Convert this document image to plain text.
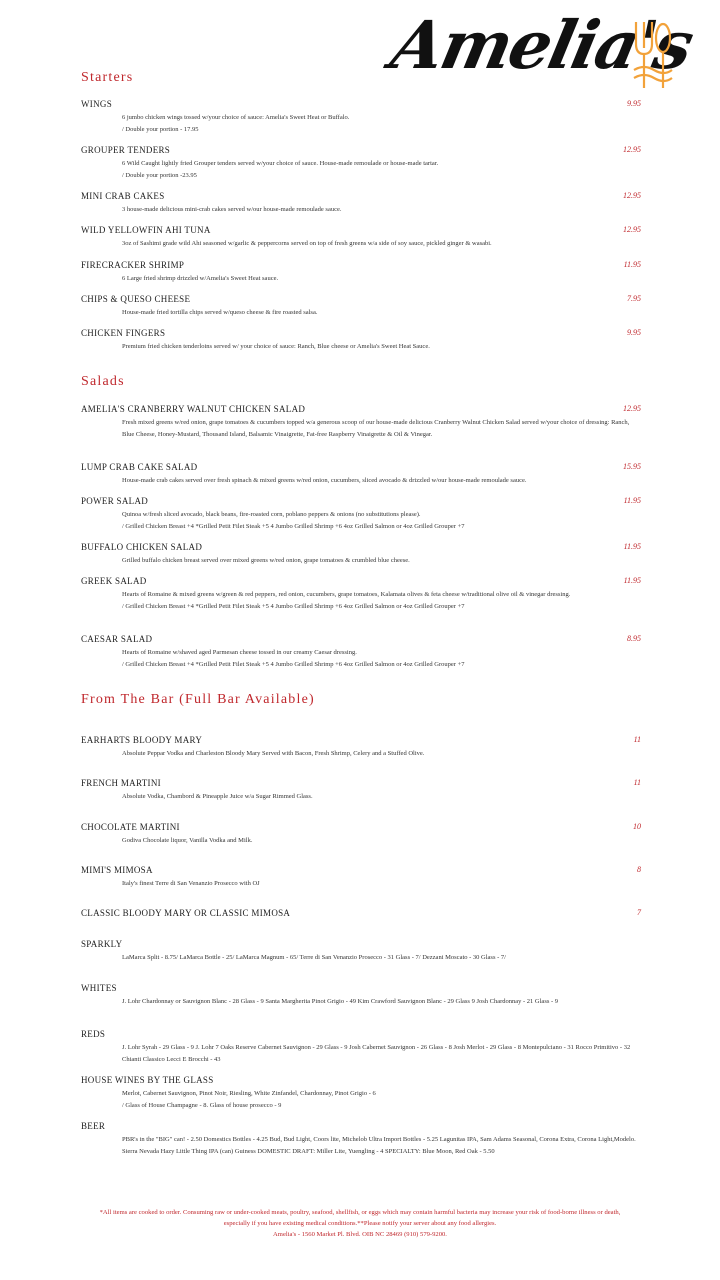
Amelia's
Starters
WINGS	9.95
6 jumbo chicken wings tossed w/your choice of sauce: Amelia's Sweet Heat or Buffalo.
/ Double your portion - 17.95
GROUPER TENDERS	12.95
6 Wild Caught lightly fried Grouper tenders served w/your choice of sauce. House-made remoulade or house-made tartar.
/ Double your portion -23.95
MINI CRAB CAKES	12.95
3 house-made delicious mini-crab cakes served w/our house-made remoulade sauce.
WILD YELLOWFIN AHI TUNA	12.95
3oz of Sashimi grade wild Ahi seasoned w/garlic & peppercorns served on top of fresh greens w/a side of soy sauce, pickled ginger & wasabi.
FIRECRACKER SHRIMP	11.95
6 Large fried shrimp drizzled w/Amelia's Sweet Heat sauce.
CHIPS & QUESO CHEESE	7.95
House-made fried tortilla chips served w/queso cheese & fire roasted salsa.
CHICKEN FINGERS	9.95
Premium fried chicken tenderloins served w/ your choice of sauce: Ranch, Blue cheese or Amelia's Sweet Heat Sauce.
Salads
AMELIA'S CRANBERRY WALNUT CHICKEN SALAD	12.95
Fresh mixed greens w/red onion, grape tomatoes & cucumbers topped w/a generous scoop of our house-made delicious Cranberry Walnut Chicken Salad served w/your choice of dressing: Ranch, Blue Cheese, Honey-Mustard, Thousand Island, Balsamic Vinaigrette, Fat-free Raspberry Vinaigrette & Oil & Vinegar.
LUMP CRAB CAKE SALAD	15.95
House-made crab cakes served over fresh spinach & mixed greens w/red onion, cucumbers, sliced avocado & drizzled w/our house-made remoulade sauce.
POWER SALAD	11.95
Quinoa w/fresh sliced avocado, black beans, fire-roasted corn, poblano peppers & onions (no substitutions please).
/ Grilled Chicken Breast +4 *Grilled Petit Filet Steak +5 4 Jumbo Grilled Shrimp +6 4oz Grilled Salmon or 4oz Grilled Grouper +7
BUFFALO CHICKEN SALAD	11.95
Grilled buffalo chicken breast served over mixed greens w/red onion, grape tomatoes & crumbled blue cheese.
GREEK SALAD	11.95
Hearts of Romaine & mixed greens w/green & red peppers, red onion, cucumbers, grape tomatoes, Kalamata olives & feta cheese w/traditional olive oil & vinegar dressing.
/ Grilled Chicken Breast +4 *Grilled Petit Filet Steak +5 4 Jumbo Grilled Shrimp +6 4oz Grilled Salmon or 4oz Grilled Grouper +7
CAESAR SALAD	8.95
Hearts of Romaine w/shaved aged Parmesan cheese tossed in our creamy Caesar dressing.
/ Grilled Chicken Breast +4 *Grilled Petit Filet Steak +5 4 Jumbo Grilled Shrimp +6 4oz Grilled Salmon or 4oz Grilled Grouper +7
From The Bar (Full Bar Available)
EARHARTS BLOODY MARY	11
Absolute Peppar Vodka and Charleston Bloody Mary Served with Bacon, Fresh Shrimp, Celery and a Stuffed Olive.
FRENCH MARTINI	11
Absolute Vodka, Chambord & Pineapple Juice w/a Sugar Rimmed Glass.
CHOCOLATE MARTINI	10
Godiva Chocolate liquor, Vanilla Vodka and Milk.
MIMI'S MIMOSA	8
Italy's finest Terre di San Venanzio Prosecco with OJ
CLASSIC BLOODY MARY OR CLASSIC MIMOSA	7
SPARKLY
LaMarca Split - 8.75/ LaMarca Bottle - 25/ LaMarca Magnum - 65/ Terre di San Venanzio Prosecco - 31 Glass - 7/ Dezzani Moscato - 30 Glass - 7/
WHITES
J. Lohr Chardonnay or Sauvignon Blanc - 28 Glass - 9 Santa Margherita Pinot Grigio - 49 Kim Crawford Sauvignon Blanc - 29 Glass 9 Josh Chardonnay - 21 Glass - 9
REDS
J. Lohr Syrah - 29 Glass - 9 J. Lohr 7 Oaks Reserve Cabernet Sauvignon - 29 Glass - 9 Josh Cabernet Sauvignon - 26 Glass - 8 Josh Merlot - 29 Glass - 8 Montepulciano - 31 Rocco Primitivo - 32 Chianti Classico Lecci E Brocchi - 43
HOUSE WINES BY THE GLASS
Merlot, Cabernet Sauvignon, Pinot Noir, Riesling, White Zinfandel, Chardonnay, Pinot Grigio - 6
/ Glass of House Champagne - 8. Glass of house prosecco - 9
BEER
PBR's in the "BIG" can! - 2.50 Domestics Bottles - 4.25 Bud, Bud Light, Coors lite, Michelob Ultra Import Bottles - 5.25 Lagunitas IPA, Sam Adams Seasonal, Corona Extra, Corona Light,Modelo. Sierra Nevada Hazy Little Thing IPA (can) Guiness DOMESTIC DRAFT: Miller Lite, Yuengling - 4 SPECIALTY: Blue Moon, Red Oak - 5.50
*All items are cooked to order. Consuming raw or under-cooked meats, poultry, seafood, shellfish, or eggs which may contain harmful bacteria may increase your risk of food-borne illness or death, especially if you have existing medical conditions.**Please notify your server about any food allergies.
Amelia's - 1560 Market Pl. Blvd. OIB NC 28469 (910) 579-9200.
